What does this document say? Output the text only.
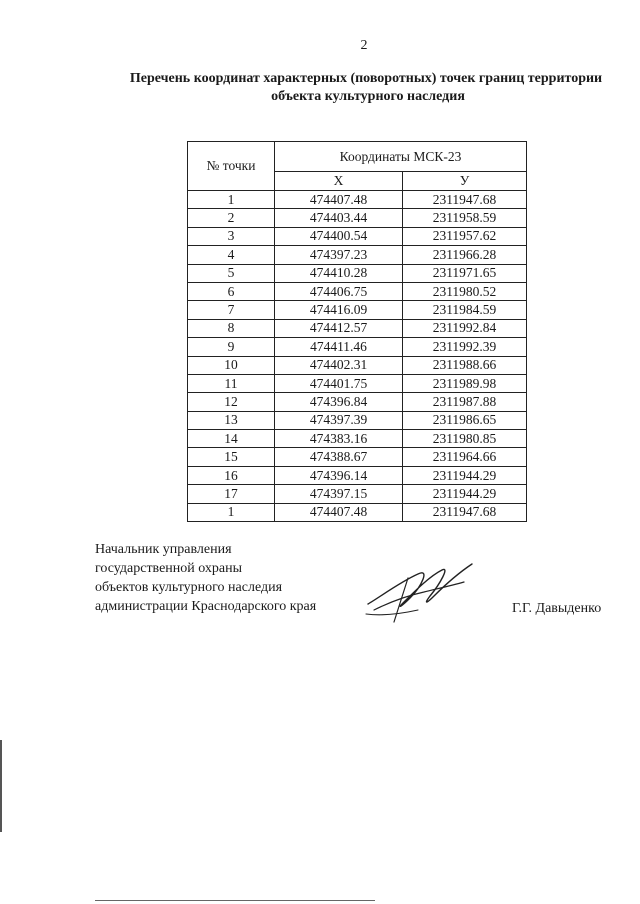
2
Перечень координат характерных (поворотных) точек границ территории

объекта культурного наследия
№ точки	Координаты МСК-23	
	Х	У
1	474407.48	2311947.68
2	474403.44	2311958.59
3	474400.54	2311957.62
4	474397.23	2311966.28
5	474410.28	2311971.65
6	474406.75	2311980.52
7	474416.09	2311984.59
8	474412.57	2311992.84
9	474411.46	2311992.39
10	474402.31	2311988.66
11	474401.75	2311989.98
12	474396.84	2311987.88
13	474397.39	2311986.65
14	474383.16	2311980.85
15	474388.67	2311964.66
16	474396.14	2311944.29
17	474397.15	2311944.29
1	474407.48	2311947.68
Начальник управления
государственной охраны
объектов культурного наследия
администрации Краснодарского края	Г.Г. Давыденко
